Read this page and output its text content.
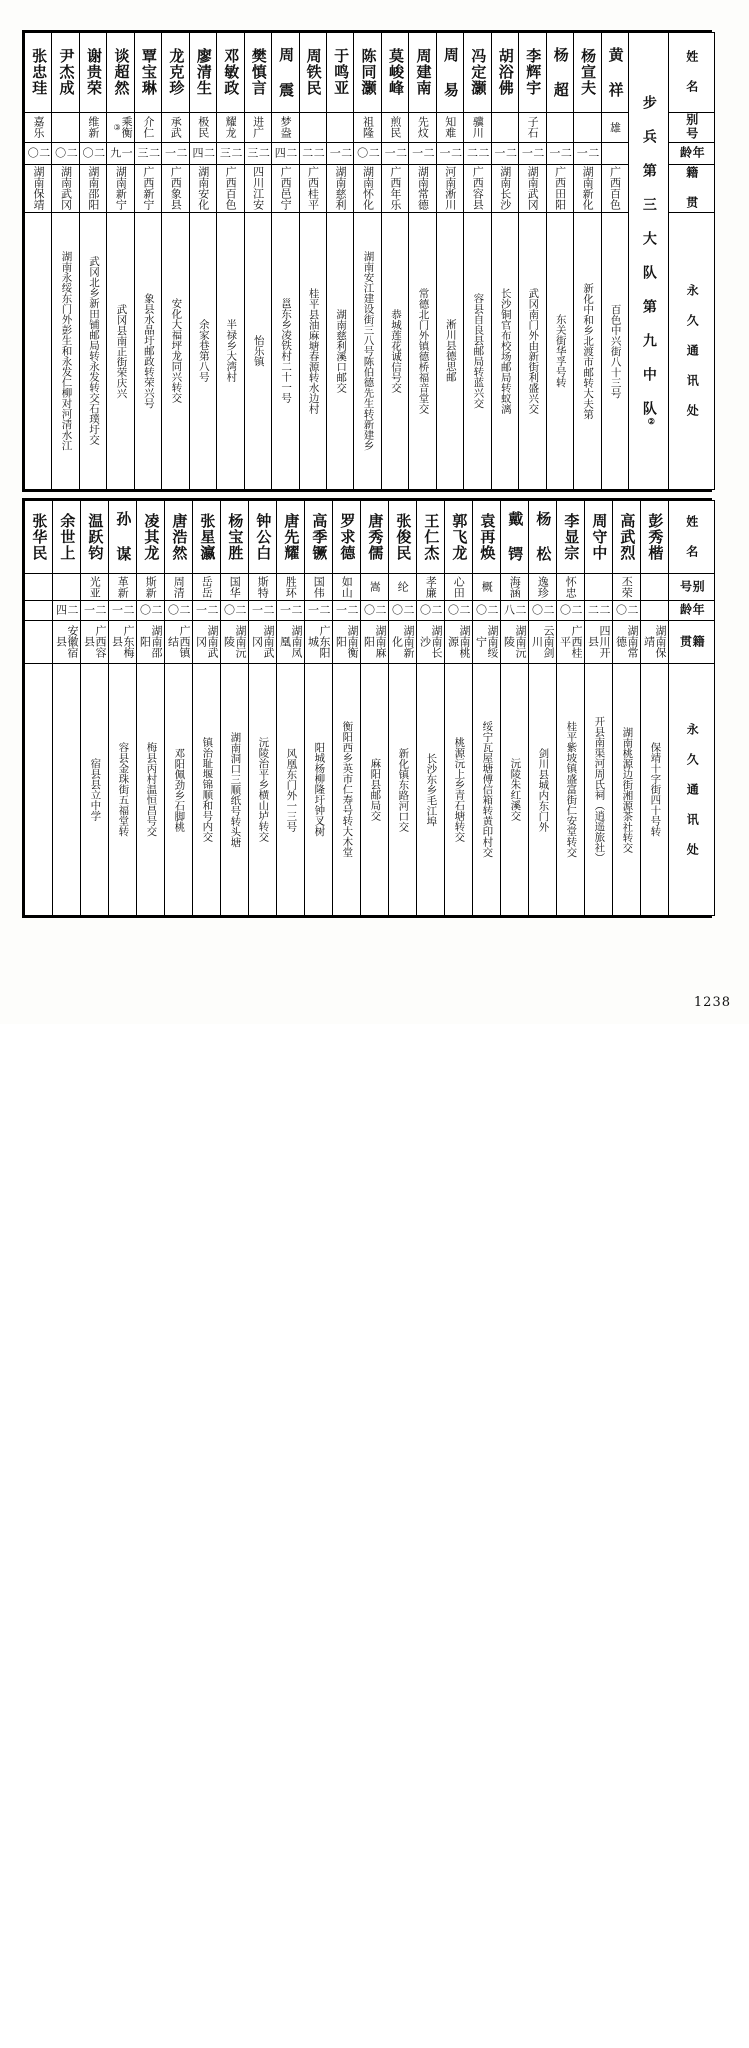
张忠珪	尹杰成	谢贵荣	谈超然	覃宝琳	龙克珍	廖清生	邓敏政	樊慎言	周 震	周铁民	于鸣亚	陈同灏	莫峻峰	周建南	周 易	冯定灏	胡浴佛	李辉宇	杨 超	杨宣夫	黄 祥	步 兵 第 三 大 队 第 九 中 队②	姓 名

嘉乐		维新	乘衡③	介仁	承武	极民	耀龙	进广	梦盎			祖隆	煎民	先炆	知难	骥川		子石			雄		别号

二〇	二〇	二〇	一九	二三	二一	二四	二三	二三	二四	二二	二一	二〇	二一	二一	二一	二二	二一	二一	二一	二一			年龄

湖南保靖	湖南武冈	湖南邵阳	湖南新宁	广西新宁	广西象县	湖南安化	广西百色	四川江安	广西邑宁	广西桂平	湖南慈利	湖南怀化	广西年乐	湖南常德	河南淅川	广西容县	湖南长沙	湖南武冈	广西田阳	湖南新化	广西百色		籍 贯

	湖南永绥东门外彭生和永发仁柳对河清水江	武冈北乡新田铺邮局转永发转交石璞圩交	武冈县南正街荣庆兴	象县水晶圩邮政转荣兴号	安化大福坪龙同兴转交	余家巷第八号	半禄乡大湾村	怡乐镇	邕东乡凌铁村二十一号	桂平县油麻塘春源转水边村	湖南慈利溪口邮交	湖南安江建设街三八号陈伯德先生转新建乡	恭城莲花诚信号交	常德北门外镇德桥福音堂交	淅川县德思邮	容县自良县邮局转蓝兴交	长沙铜官布校场邮局转蚁漓	武冈南门外由新街利盛兴交	东关街华孚号转	新化中和乡北渡市邮转大夫第	百色中兴街八十三号		永 久 通 讯 处
张华民	余世上	温跃钧	孙 谋	凌其龙	唐浩然	张星瀛	杨宝胜	钟公白	唐先耀	高季镢	罗求德	唐秀儒	张俊民	王仁杰	郭飞龙	袁再焕	戴 锷	杨 松	李显宗	周守中	高武烈	彭秀楷	姓 名

		光亚	革新	斯新	周清	岳岳	国华	斯特	胜环	国伟	如山	嵩	纶	孝廉	心田	概	海涵	逸珍	怀忠		丕荣		别号

	二四	二一	二一	二〇	二〇	二一	二〇	二一	二一	二一	二一	二〇	二〇	二〇	二〇	二〇	二八	二〇	二〇	二二	二〇		年龄

	安徽宿县	广西容县	广东梅县	湖南邵阳	广西镇结	湖南武冈	湖南沅陵	湖南武冈	湖南凤凰	广东阳城	湖南衡阳	湖南麻阳	湖南新化	湖南长沙	湖南桃源	湖南绥宁	湖南沅陵	云南剑川	广西桂平	四川开县	湖南常德	湖南保靖	籍 贯

		宿县县立中学	容县金珠街五福堂转	梅县丙村温恒昌号交	邓阳佩劲乡石脚桃	镇治耻堰锦顺和号内交	湖南洞口三顺纸号转头塘	沅陵治平乡横山垆转交	风凰东门外一三号	阳城杨柳隆圩钟叉树	衡阳西乡英市仁寿号转大木堂	麻阳县邮局交	新化镇东路河口交	长沙东乡毛江埠	桃源沅上乡青石塘转交	绥宁瓦屋塘傅信箱转黄印村交	沅陵朱红溪交	剑川县城内东门外	桂平紫坡镇盛富街仁安堂转交	开县南渠河周氏祠（逍遥旅社）	湖南桃源边街湘源茶社转交	保靖十字街四十号转	永 久 通 讯 处
1238
